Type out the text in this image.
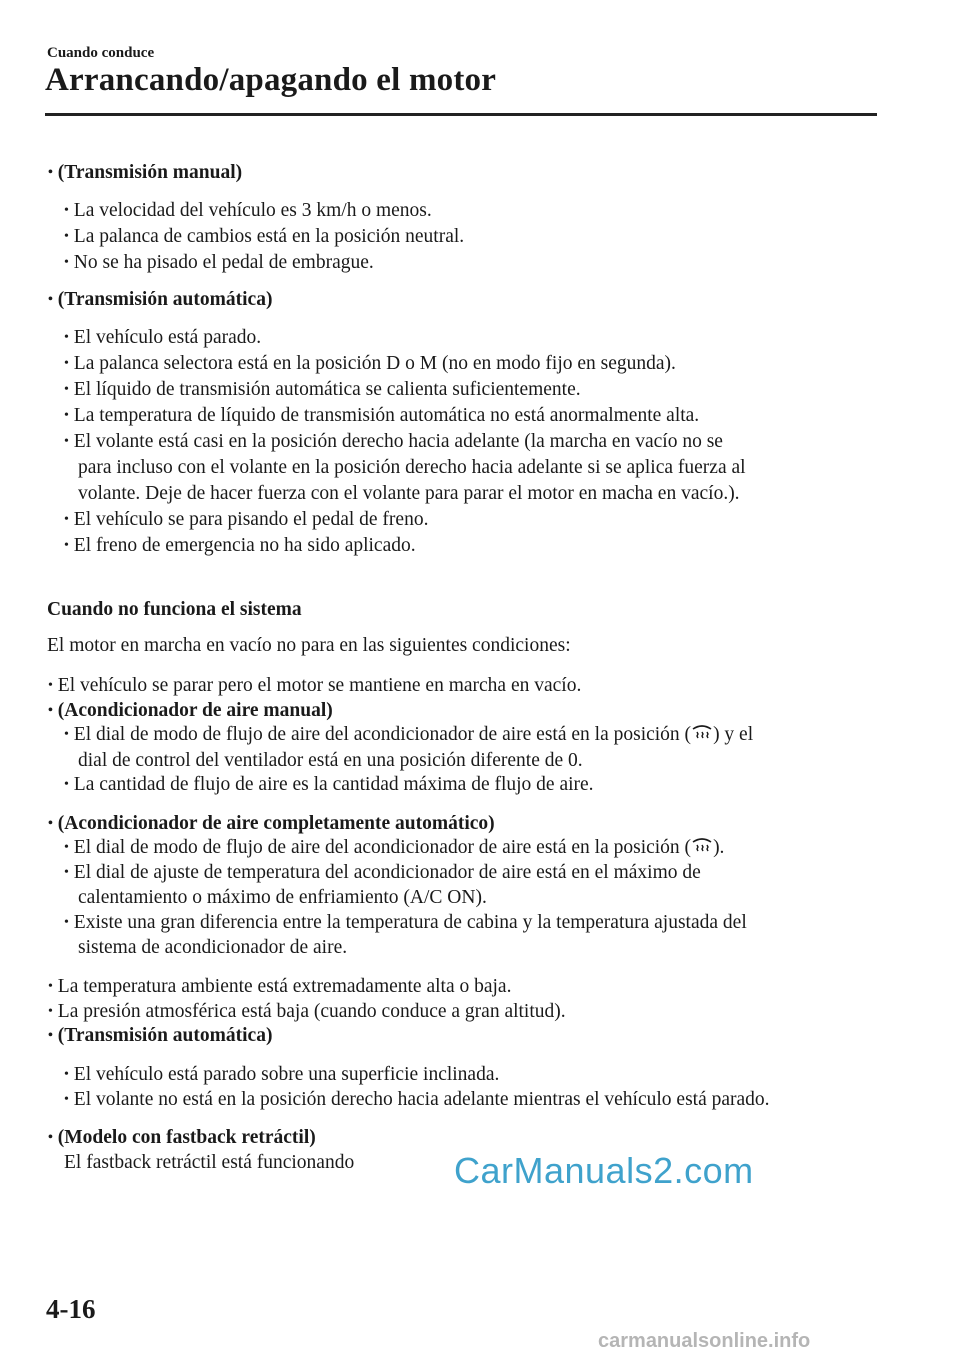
Cuando conduce
Arrancando/apagando el motor
• (Transmisión manual)
• La velocidad del vehículo es 3 km/h o menos.
• La palanca de cambios está en la posición neutral.
• No se ha pisado el pedal de embrague.
• (Transmisión automática)
• El vehículo está parado.
• La palanca selectora está en la posición D o M (no en modo fijo en segunda).
• El líquido de transmisión automática se calienta suficientemente.
• La temperatura de líquido de transmisión automática no está anormalmente alta.
• El volante está casi en la posición derecho hacia adelante (la marcha en vacío no se
para incluso con el volante en la posición derecho hacia adelante si se aplica fuerza al
volante. Deje de hacer fuerza con el volante para parar el motor en macha en vacío.).
• El vehículo se para pisando el pedal de freno.
• El freno de emergencia no ha sido aplicado.
Cuando no funciona el sistema
El motor en marcha en vacío no para en las siguientes condiciones:
• El vehículo se parar pero el motor se mantiene en marcha en vacío.
• (Acondicionador de aire manual)
• El dial de modo de flujo de aire del acondicionador de aire está en la posición ( ) y el
dial de control del ventilador está en una posición diferente de 0.
• La cantidad de flujo de aire es la cantidad máxima de flujo de aire.
• (Acondicionador de aire completamente automático)
• El dial de modo de flujo de aire del acondicionador de aire está en la posición ( ).
• El dial de ajuste de temperatura del acondicionador de aire está en el máximo de
calentamiento o máximo de enfriamiento (A/C ON).
• Existe una gran diferencia entre la temperatura de cabina y la temperatura ajustada del
sistema de acondicionador de aire.
• La temperatura ambiente está extremadamente alta o baja.
• La presión atmosférica está baja (cuando conduce a gran altitud).
• (Transmisión automática)
• El vehículo está parado sobre una superficie inclinada.
• El volante no está en la posición derecho hacia adelante mientras el vehículo está parado.
• (Modelo con fastback retráctil)
El fastback retráctil está funcionando	CarManuals2.com
4-16
carmanualsonline.info
